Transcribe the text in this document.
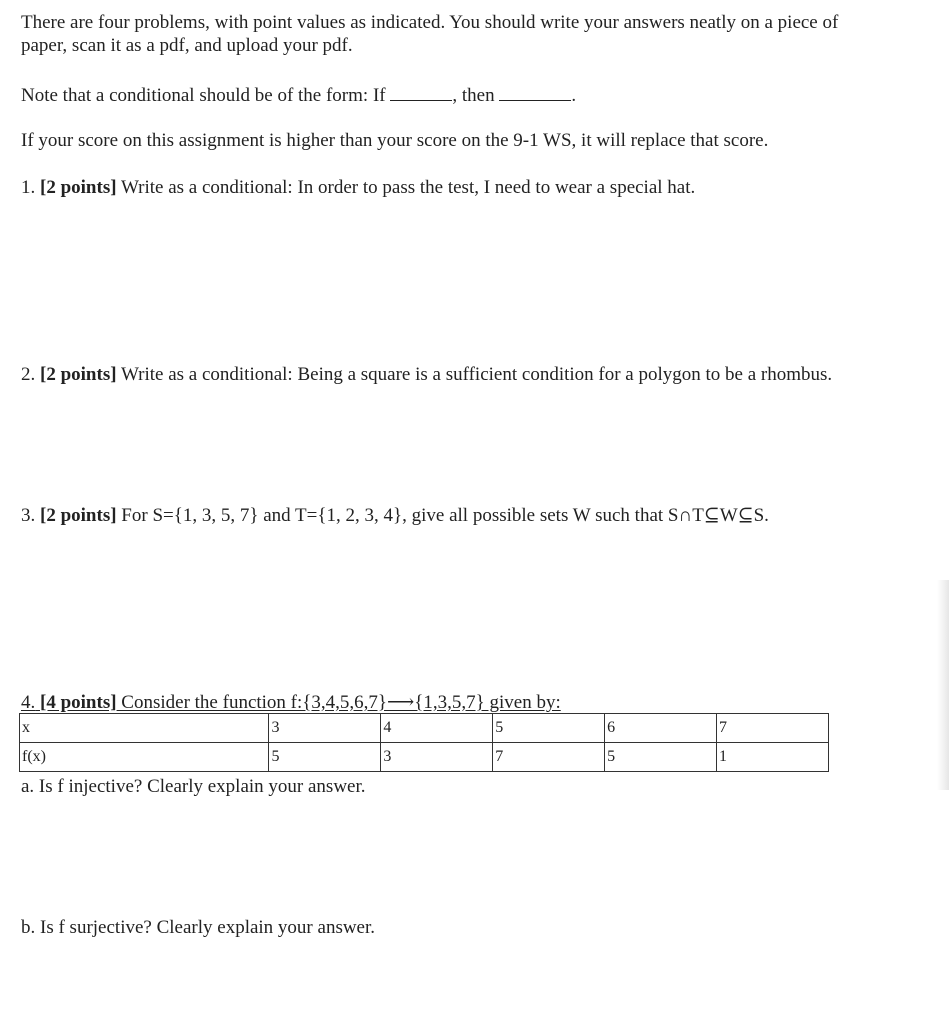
There are four problems, with point values as indicated. You should write your answers neatly on a piece of
paper, scan it as a pdf, and upload your pdf.
Note that a conditional should be of the form: If	, then	.
If your score on this assignment is higher than your score on the 9-1 WS, it will replace that score.
1. [2 points] Write as a conditional: In order to pass the test, I need to wear a special hat.
2. [2 points] Write as a conditional: Being a square is a sufficient condition for a polygon to be a rhombus.
3. [2 points] For S={1, 3, 5, 7} and T={1, 2, 3, 4}, give all possible sets W such that S∩T⊆W⊆S.
4. [4 points] Consider the function f:{3,4,5,6,7}⟶{1,3,5,7} given by:
x	3	4	5	6	7
f(x)	5	3	7	5	1
a. Is f injective? Clearly explain your answer.
b. Is f surjective? Clearly explain your answer.
